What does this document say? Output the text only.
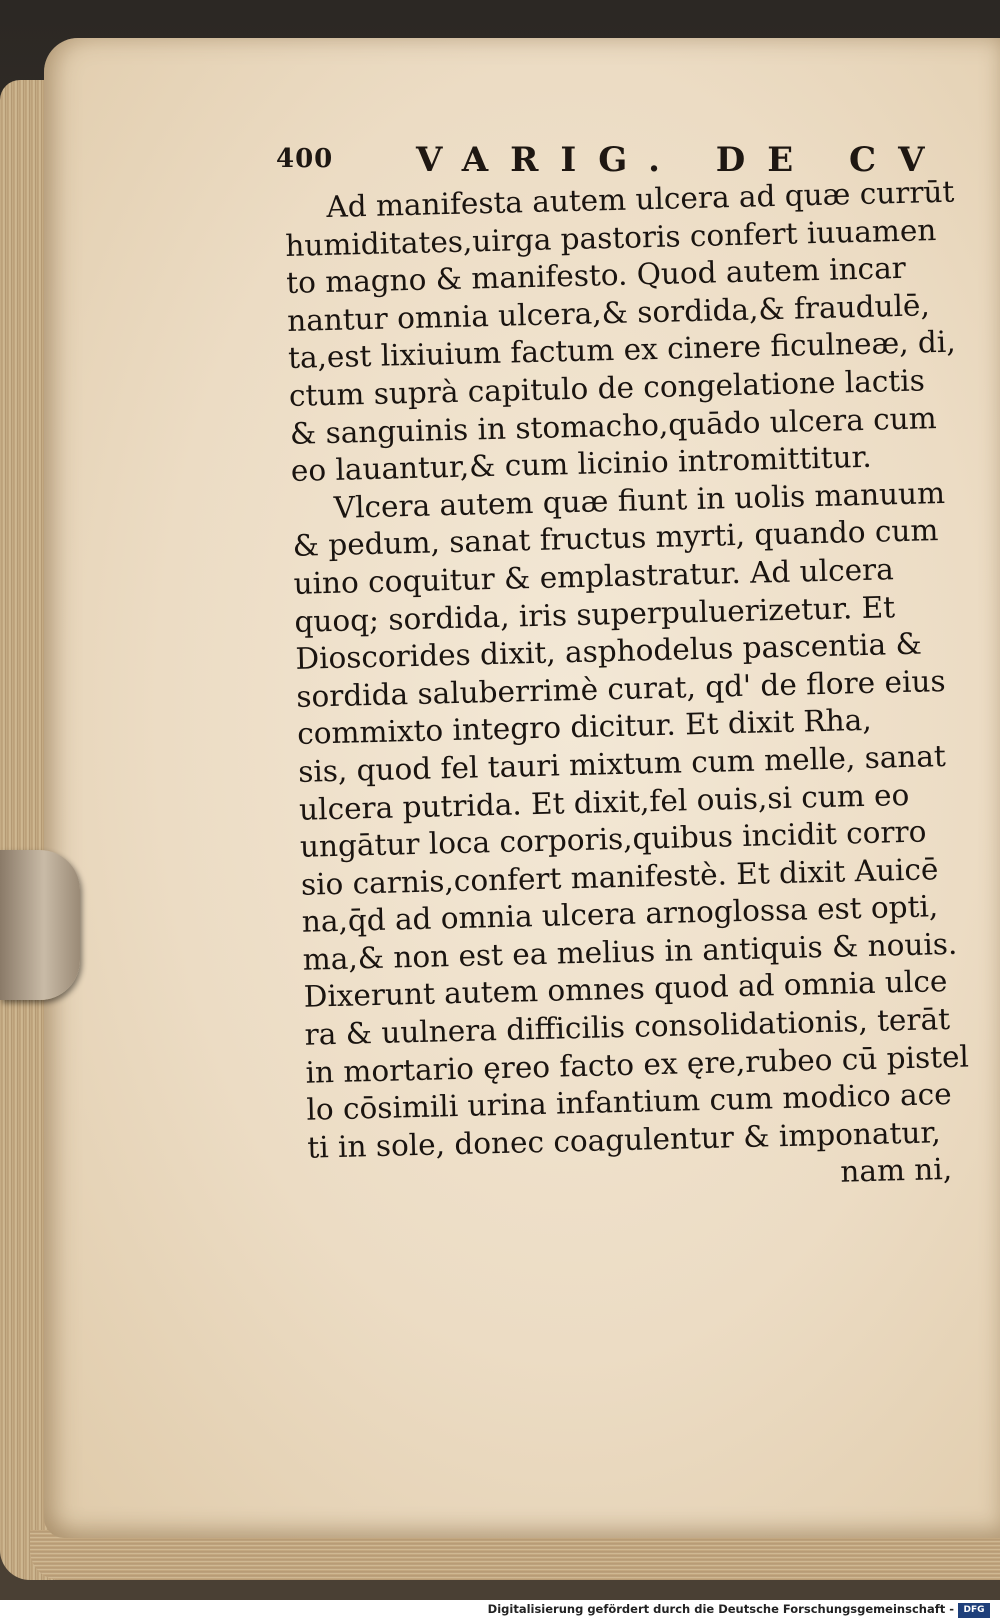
400 VARIG. DE CV
Ad manifesta autem ulcera ad quæ currūt
humiditates,uirga pastoris confert iuuamen
to magno & manifesto. Quod autem incar
nantur omnia ulcera,& sordida,& fraudulē,
ta,est lixiuium factum ex cinere ficulneæ, di,
ctum suprà capitulo de congelatione lactis
& sanguinis in stomacho,quādo ulcera cum
eo lauantur,& cum licinio intromittitur.
Vlcera autem quæ fiunt in uolis manuum
& pedum, sanat fructus myrti, quando cum
uino coquitur & emplastratur. Ad ulcera
quoq; sordida, iris superpuluerizetur. Et
Dioscorides dixit, asphodelus pascentia &
sordida saluberrimè curat, qd' de flore eius
commixto integro dicitur. Et dixit Rha,
sis, quod fel tauri mixtum cum melle, sanat
ulcera putrida. Et dixit,fel ouis,si cum eo
ungātur loca corporis,quibus incidit corro
sio carnis,confert manifestè. Et dixit Auicē
na,q̄d ad omnia ulcera arnoglossa est opti,
ma,& non est ea melius in antiquis & nouis.
Dixerunt autem omnes quod ad omnia ulce
ra & uulnera difficilis consolidationis, terāt
in mortario ęreo facto ex ęre,rubeo cū pistel
lo cōsimili urina infantium cum modico ace
ti in sole, donec coagulentur & imponatur,
nam ni,
Digitalisierung gefördert durch die Deutsche Forschungsgemeinschaft -	DFG
